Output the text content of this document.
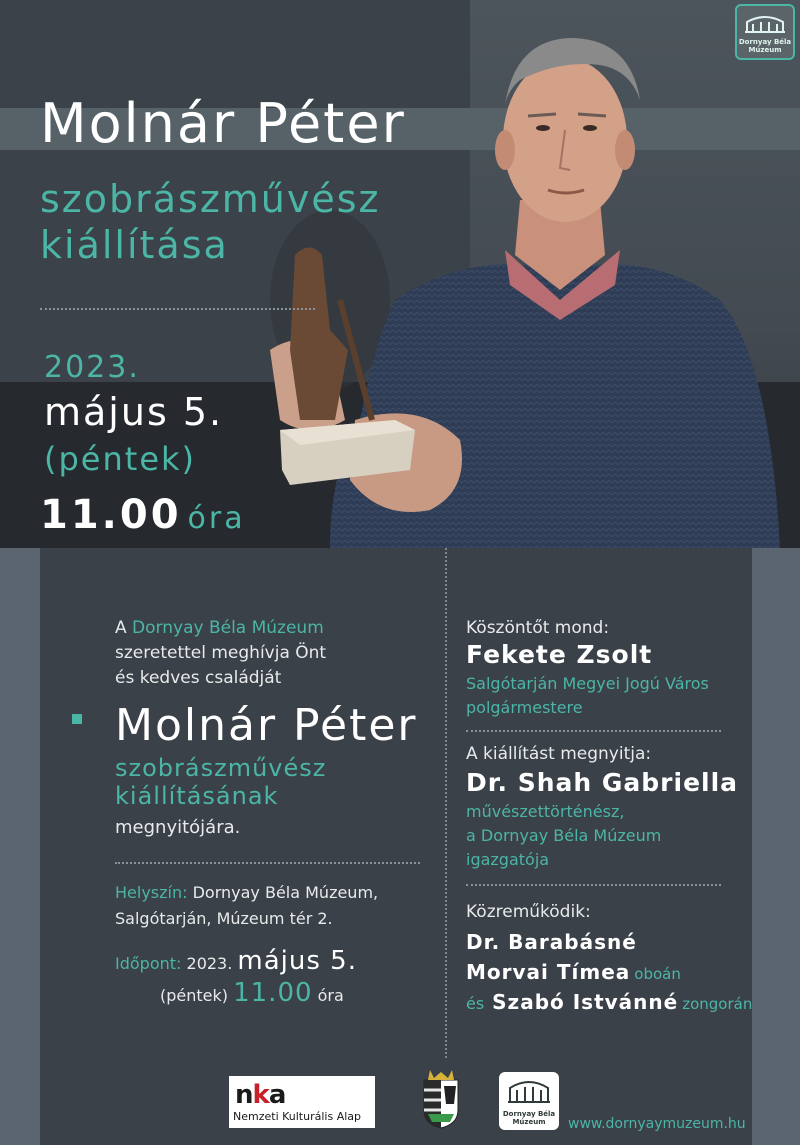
Molnár Péter
szobrászművész
kiállítása
2023.
május 5.
(péntek)
11.00 óra
Dornyay Béla
Múzeum
A Dornyay Béla Múzeum
szeretettel meghívja Önt
és kedves családját
Molnár Péter
szobrászművész
kiállításának
megnyitójára.
Helyszín: Dornyay Béla Múzeum,
Salgótarján, Múzeum tér 2.
Időpont: 2023. május 5.
(péntek) 11.00 óra
Köszöntőt mond:
Fekete Zsolt
Salgótarján Megyei Jogú Város
polgármestere
A kiállítást megnyitja:
Dr. Shah Gabriella
művészettörténész,
a Dornyay Béla Múzeum
igazgatója
Közreműködik:
Dr. Barabásné
Morvai Tímea oboán
és Szabó Istvánné zongorán
nka
Nemzeti Kulturális Alap	Dornyay Béla
Múzeum	www.dornyaymuzeum.hu
